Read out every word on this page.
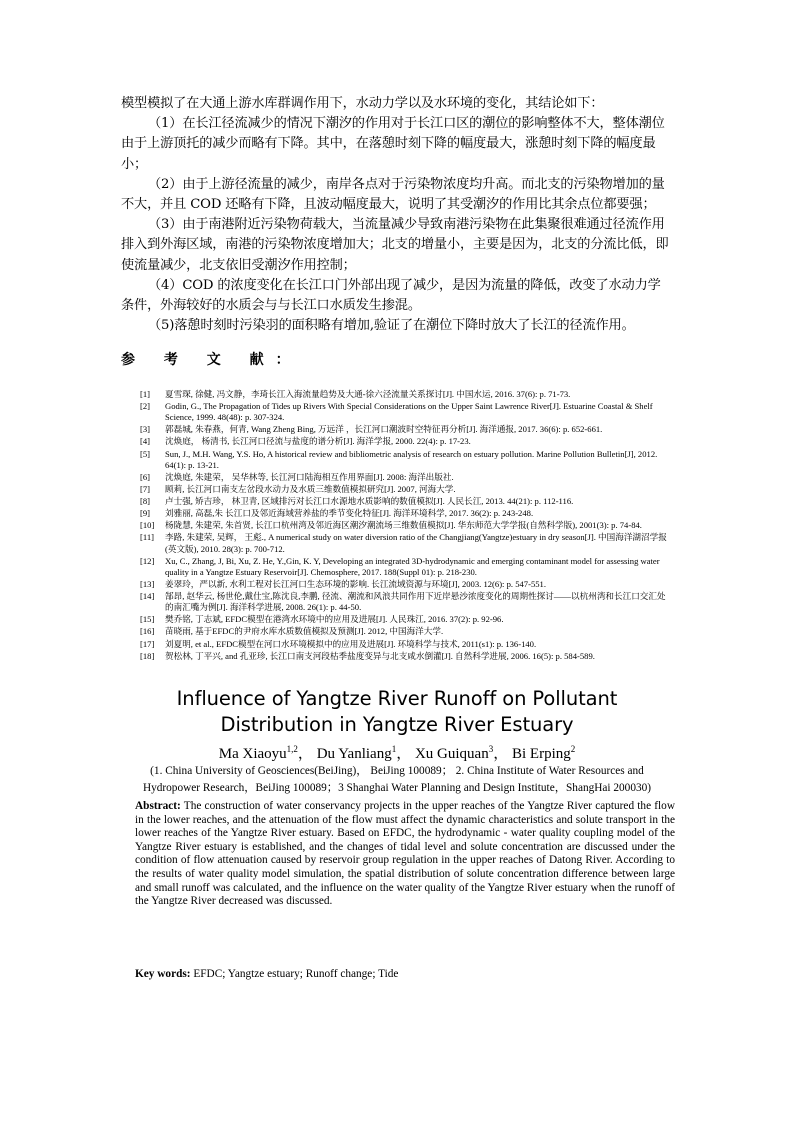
模型模拟了在大通上游水库群调作用下，水动力学以及水环境的变化，其结论如下：

（1）在长江径流减少的情况下潮汐的作用对于长江口区的潮位的影响整体不大，整体潮位由于上游顶托的减少而略有下降。其中，在落憩时刻下降的幅度最大，涨憩时刻下降的幅度最小；

（2）由于上游径流量的减少，南岸各点对于污染物浓度均升高。而北支的污染物增加的量不大，并且 COD 还略有下降，且波动幅度最大，说明了其受潮汐的作用比其余点位都要强；

（3）由于南港附近污染物荷载大，当流量减少导致南港污染物在此集聚很难通过径流作用排入到外海区域，南港的污染物浓度增加大；北支的增量小，主要是因为，北支的分流比低，即使流量减少，北支依旧受潮汐作用控制；

（4）COD 的浓度变化在长江口门外部出现了减少，是因为流量的降低，改变了水动力学条件，外海较好的水质会与与长江口水质发生掺混。

（5)落憩时刻时污染羽的面积略有增加,验证了在潮位下降时放大了长江的径流作用。

参 考 文 献：
[1] 夏雪琛, 徐健, 冯文静，李琦长江入海流量趋势及大通-徐六泾流量关系探讨[J]. 中国水运, 2016. 37(6): p. 71-73.
[2] Godin, G., The Propagation of Tides up Rivers With Special Considerations on the Upper Saint Lawrence River[J]. Estuarine Coastal & Shelf Science, 1999. 48(48): p. 307-324.
[3] 郭磊城, 朱春燕，何青, Wang Zheng Bing, 万远洋 ，长江河口潮波时空特征再分析[J]. 海洋通报, 2017. 36(6): p. 652-661.
[4] 沈焕庭， 杨清书, 长江河口径流与盐度的谱分析[J]. 海洋学报, 2000. 22(4): p. 17-23.
[5] Sun, J., M.H. Wang, Y.S. Ho, A historical review and bibliometric analysis of research on estuary pollution. Marine Pollution Bulletin[J], 2012. 64(1): p. 13-21.
[6] 沈焕庭, 朱建荣， 吴华林等, 长江河口陆海相互作用界面[J]. 2008: 海洋出版社.
[7] 顾莉, 长江河口南支左岔段水动力及水质三维数值模拟研究[J]. 2007, 河海大学.
[8] 卢士强, 矫吉珍， 林卫青, 区域排污对长江口水源地水质影响的数值模拟[J]. 人民长江, 2013. 44(21): p. 112-116.
[9] 刘雅丽, 高磊,朱 长江口及邻近海域营养盐的季节变化特征[J]. 海洋环境科学, 2017. 36(2): p. 243-248.
[10] 杨陇慧, 朱建荣, 朱首贤, 长江口杭州湾及邻近海区潮汐潮流场三维数值模拟[J]. 华东师范大学学报(自然科学版), 2001(3): p. 74-84.
[11] 李路, 朱建荣, 吴辉， 王彪., A numerical study on water diversion ratio of the Changjiang(Yangtze)estuary in dry season[J]. 中国海洋湖沼学报(英文版), 2010. 28(3): p. 700-712.
[12] Xu, C., Zhang, J, Bi, Xu, Z. He, Y.,Gin, K. Y, Developing an integrated 3D-hydrodynamic and emerging contaminant model for assessing water quality in a Yangtze Estuary Reservoir[J]. Chemosphere, 2017. 188(Suppl 01): p. 218-230.
[13] 姜翠玲，严以新, 水利工程对长江河口生态环境的影响. 长江流域资源与环境[J], 2003. 12(6): p. 547-551.
[14] 郜昂, 赵华云, 杨世伦,戴仕宝,陈沈良,李鹏, 径流、潮流和风浪共同作用下近岸悬沙浓度变化的周期性探讨——以杭州湾和长江口交汇处的南汇嘴为例[J]. 海洋科学进展, 2008. 26(1): p. 44-50.
[15] 樊乔铭, 丁志斌, EFDC模型在港湾水环境中的应用及进展[J]. 人民珠江, 2016. 37(2): p. 92-96.
[16] 苗晓雨, 基于EFDC的尹府水库水质数值模拟及预测[J]. 2012, 中国海洋大学.
[17] 刘夏明, et al., EFDC模型在河口水环境模拟中的应用及进展[J]. 环境科学与技术, 2011(s1): p. 136-140.
[18] 贺松林, 丁平兴, and 孔亚珍, 长江口南支河段枯季盐度变异与北支咸水倒灌[J]. 自然科学进展, 2006. 16(5): p. 584-589.
Influence of Yangtze River Runoff on Pollutant Distribution in Yangtze River Estuary
Ma Xiaoyu$^{1,2}$， Du Yanliang$^1$， Xu Guiquan$^3$， Bi Erping$^2$
(1. China University of Geosciences(BeiJing)， BeiJing 100089； 2. China Institute of Water Resources and Hydropower Research，BeiJing 100089；3 Shanghai Water Planning and Design Institute，ShangHai 200030)

Abstract: The construction of water conservancy projects in the upper reaches of the Yangtze River captured the flow in the lower reaches, and the attenuation of the flow must affect the dynamic characteristics and solute transport in the lower reaches of the Yangtze River estuary. Based on EFDC, the hydrodynamic - water quality coupling model of the Yangtze River estuary is established, and the changes of tidal level and solute concentration are discussed under the condition of flow attenuation caused by reservoir group regulation in the upper reaches of Datong River. According to the results of water quality model simulation, the spatial distribution of solute concentration difference between large and small runoff was calculated, and the influence on the water quality of the Yangtze River estuary when the runoff of the Yangtze River decreased was discussed.

Key words: EFDC; Yangtze estuary; Runoff change; Tide
